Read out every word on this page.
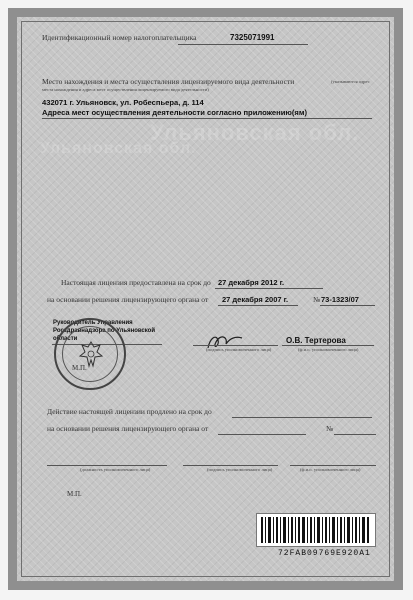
Ульяновская обл.
Ульяновская обл.
Идентификационный номер налогоплательщика	7325071991
Место нахождения и места осуществления лицензируемого вида деятельности	(указываются адрес
места нахождения и адреса мест осуществления лицензируемого вида деятельности)
432071 г. Ульяновск, ул. Робеспьера, д. 114
Адреса мест осуществления деятельности согласно приложению(ям)
Настоящая лицензия предоставлена на срок до 27 декабря 2012 г.
на основании решения лицензирующего органа от 27 декабря 2007 г.	№ 73-1323/07
Руководитель Управления
Росздравнадзора по Ульяновской
области
(подпись уполномоченного лица)
О.В. Тертерова
(ф.и.о. уполномоченного лица)
М.П.
Действие настоящей лицензии продлено на срок до
на основании решения лицензирующего органа от	№
(должность уполномоченного лица)	(подпись уполномоченного лица)	(ф.и.о. уполномоченного лица)
М.П.
72FAB09769E920A1
